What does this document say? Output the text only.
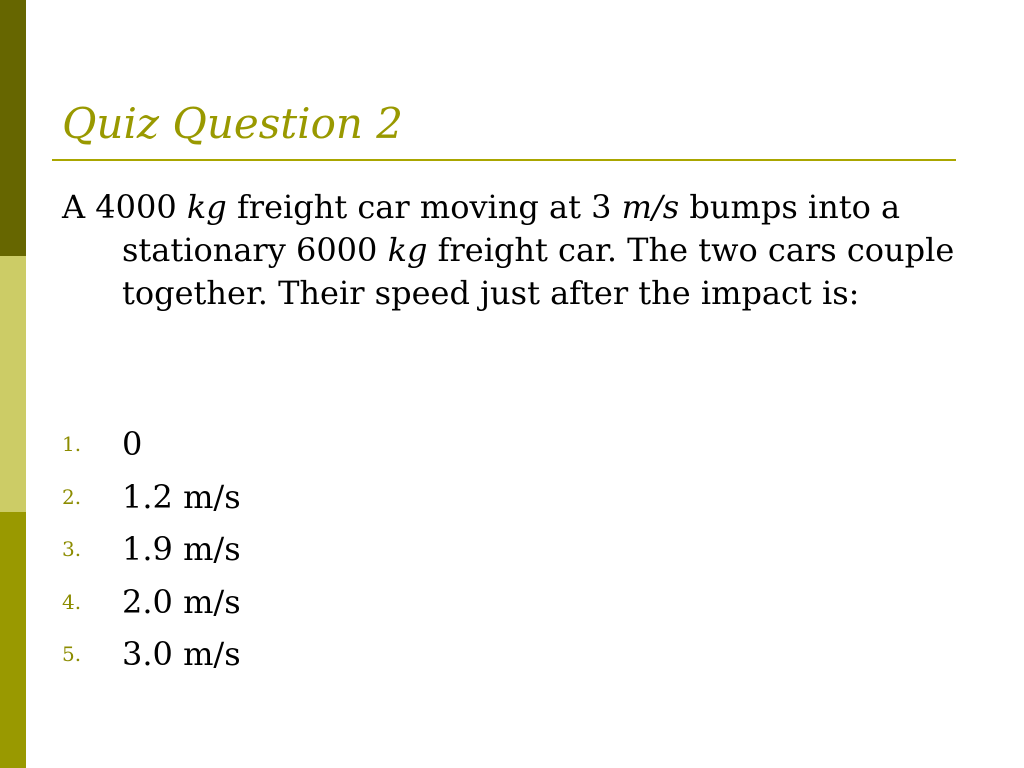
Quiz Question 2

A 4000 kg freight car moving at 3 m/s bumps into a stationary 6000 kg freight car. The two cars couple together. Their speed just after the impact is:

1.	0
2.	1.2 m/s
3.	1.9 m/s
4.	2.0 m/s
5.	3.0 m/s
